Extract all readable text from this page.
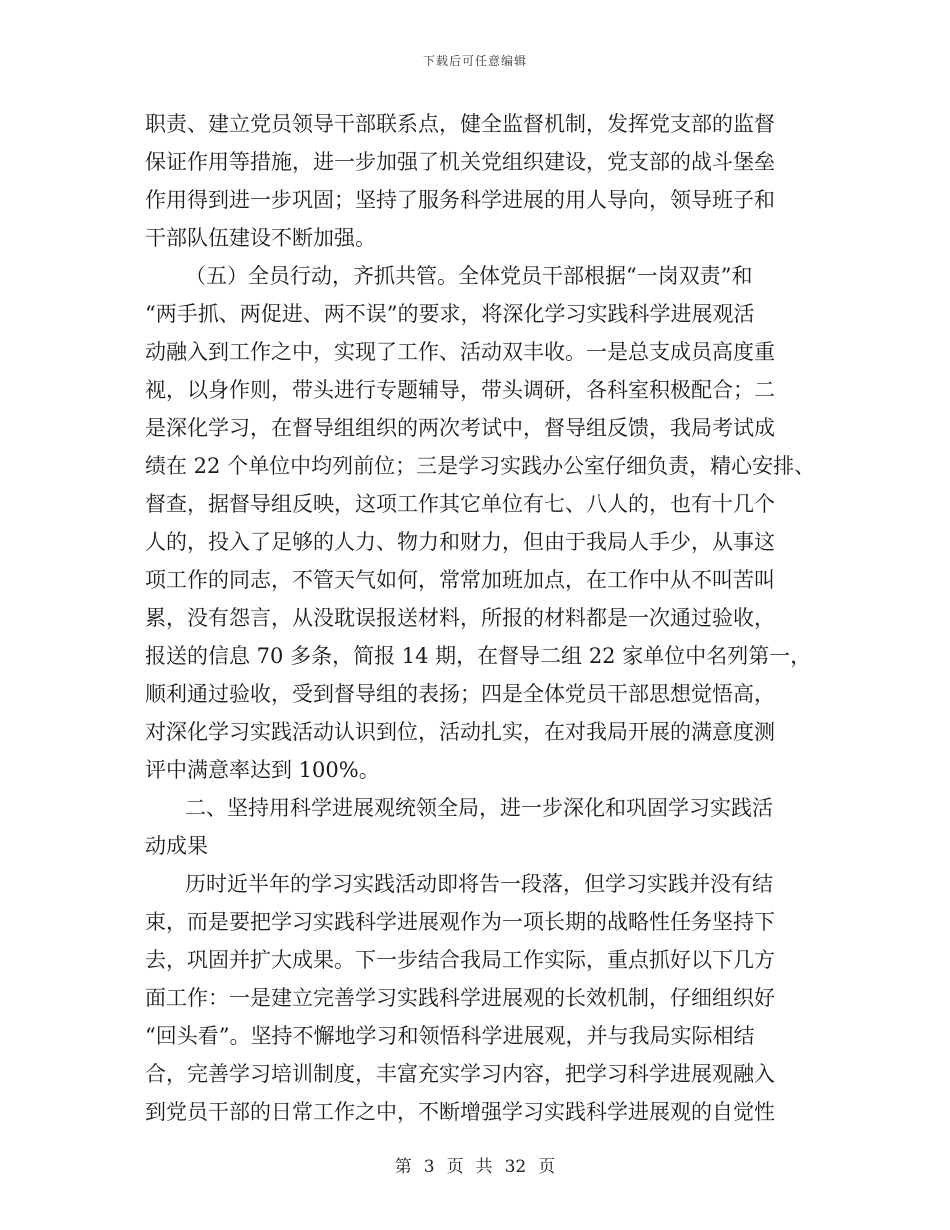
下载后可任意编辑
职责、建立党员领导干部联系点，健全监督机制，发挥党支部的监督
保证作用等措施，进一步加强了机关党组织建设，党支部的战斗堡垒
作用得到进一步巩固；坚持了服务科学进展的用人导向，领导班子和
干部队伍建设不断加强。
（五）全员行动，齐抓共管。全体党员干部根据“一岗双责”和
“两手抓、两促进、两不误”的要求，将深化学习实践科学进展观活
动融入到工作之中，实现了工作、活动双丰收。一是总支成员高度重
视，以身作则，带头进行专题辅导，带头调研，各科室积极配合；二
是深化学习，在督导组组织的两次考试中，督导组反馈，我局考试成
绩在 22 个单位中均列前位；三是学习实践办公室仔细负责，精心安排、
督查，据督导组反映，这项工作其它单位有七、八人的，也有十几个
人的，投入了足够的人力、物力和财力，但由于我局人手少，从事这
项工作的同志，不管天气如何，常常加班加点，在工作中从不叫苦叫
累，没有怨言，从没耽误报送材料，所报的材料都是一次通过验收，
报送的信息 70 多条，简报 14 期，在督导二组 22 家单位中名列第一，
顺利通过验收，受到督导组的表扬；四是全体党员干部思想觉悟高，
对深化学习实践活动认识到位，活动扎实，在对我局开展的满意度测
评中满意率达到 100%。
二、坚持用科学进展观统领全局，进一步深化和巩固学习实践活
动成果
历时近半年的学习实践活动即将告一段落，但学习实践并没有结
束，而是要把学习实践科学进展观作为一项长期的战略性任务坚持下
去，巩固并扩大成果。下一步结合我局工作实际，重点抓好以下几方
面工作：一是建立完善学习实践科学进展观的长效机制，仔细组织好
“回头看”。坚持不懈地学习和领悟科学进展观，并与我局实际相结
合，完善学习培训制度，丰富充实学习内容，把学习科学进展观融入
到党员干部的日常工作之中，不断增强学习实践科学进展观的自觉性
第 3 页 共 32 页
